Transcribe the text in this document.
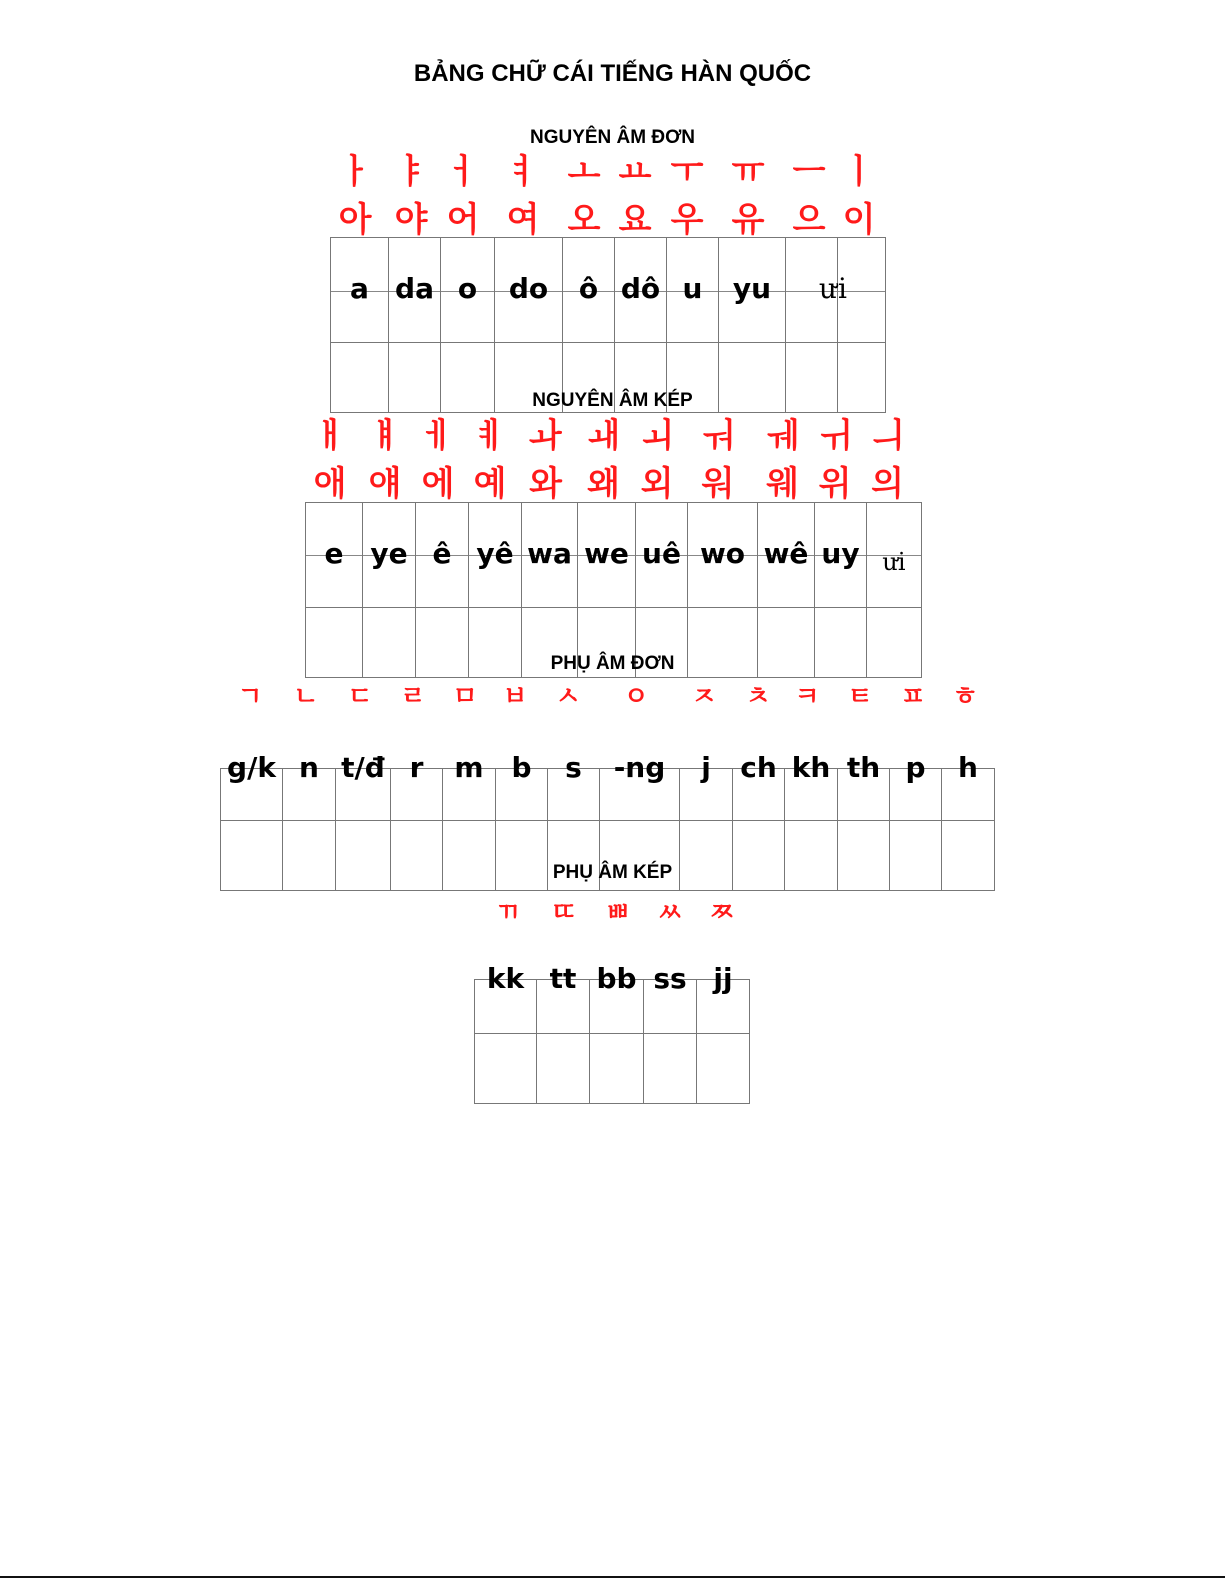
BẢNG CHỮ CÁI TIẾNG HÀN QUỐC
NGUYÊN ÂM ĐƠN
ㅏ ㅑ ㅓ ㅕ ㅗ ㅛ ㅜ ㅠ ㅡ ㅣ
아 야 어 여 오 요 우 유 으 이
a	da	o	do	ô	dô	u	yu	ư	i

NGUYÊN ÂM KÉP
ㅐ ㅒ ㅔ ㅖ ㅘ ㅙ ㅚ ㅝ ㅞ ㅟ ㅢ
애 얘 에 예 와 왜 외 워 웨 위 의
e	ye	ê	yê	wa	we	uê	wo	wê	uy	ưi

PHỤ ÂM ĐƠN
ㄱ	ㄴ	ㄷ	ㄹ	ㅁ ㅂ	ㅅ	ㅇ	ㅈ	ㅊ ㅋ	ㅌ	ㅍ	ㅎ
g/k	n	t/đ	r	m	b	s	-ng	j	ch	kh	th	p	h

PHỤ ÂM KÉP
ㄲ	ㄸ	ㅃ	ㅆ	ㅉ
kk	tt	bb	ss	jj
